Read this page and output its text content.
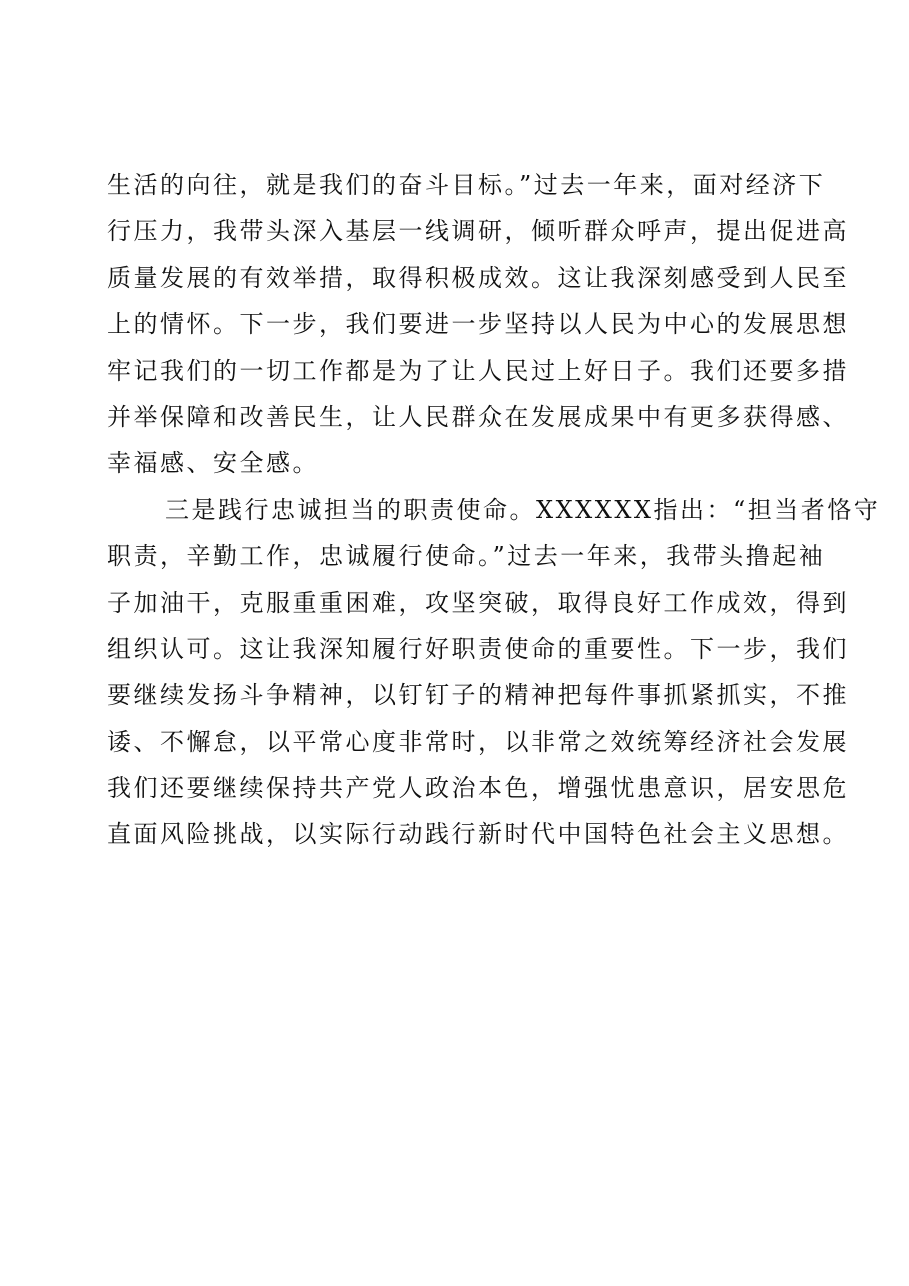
生活的向往，就是我们的奋斗目标。”过去一年来，面对经济下
行压力，我带头深入基层一线调研，倾听群众呼声，提出促进高
质量发展的有效举措，取得积极成效。这让我深刻感受到人民至
上的情怀。下一步，我们要进一步坚持以人民为中心的发展思想
牢记我们的一切工作都是为了让人民过上好日子。我们还要多措
并举保障和改善民生，让人民群众在发展成果中有更多获得感、
幸福感、安全感。
三是践行忠诚担当的职责使命。XXXXXX指出：“担当者恪守
职责，辛勤工作，忠诚履行使命。”过去一年来，我带头撸起袖
子加油干，克服重重困难，攻坚突破，取得良好工作成效，得到
组织认可。这让我深知履行好职责使命的重要性。下一步，我们
要继续发扬斗争精神，以钉钉子的精神把每件事抓紧抓实，不推
诿、不懈怠，以平常心度非常时，以非常之效统筹经济社会发展
我们还要继续保持共产党人政治本色，增强忧患意识，居安思危
直面风险挑战，以实际行动践行新时代中国特色社会主义思想。
